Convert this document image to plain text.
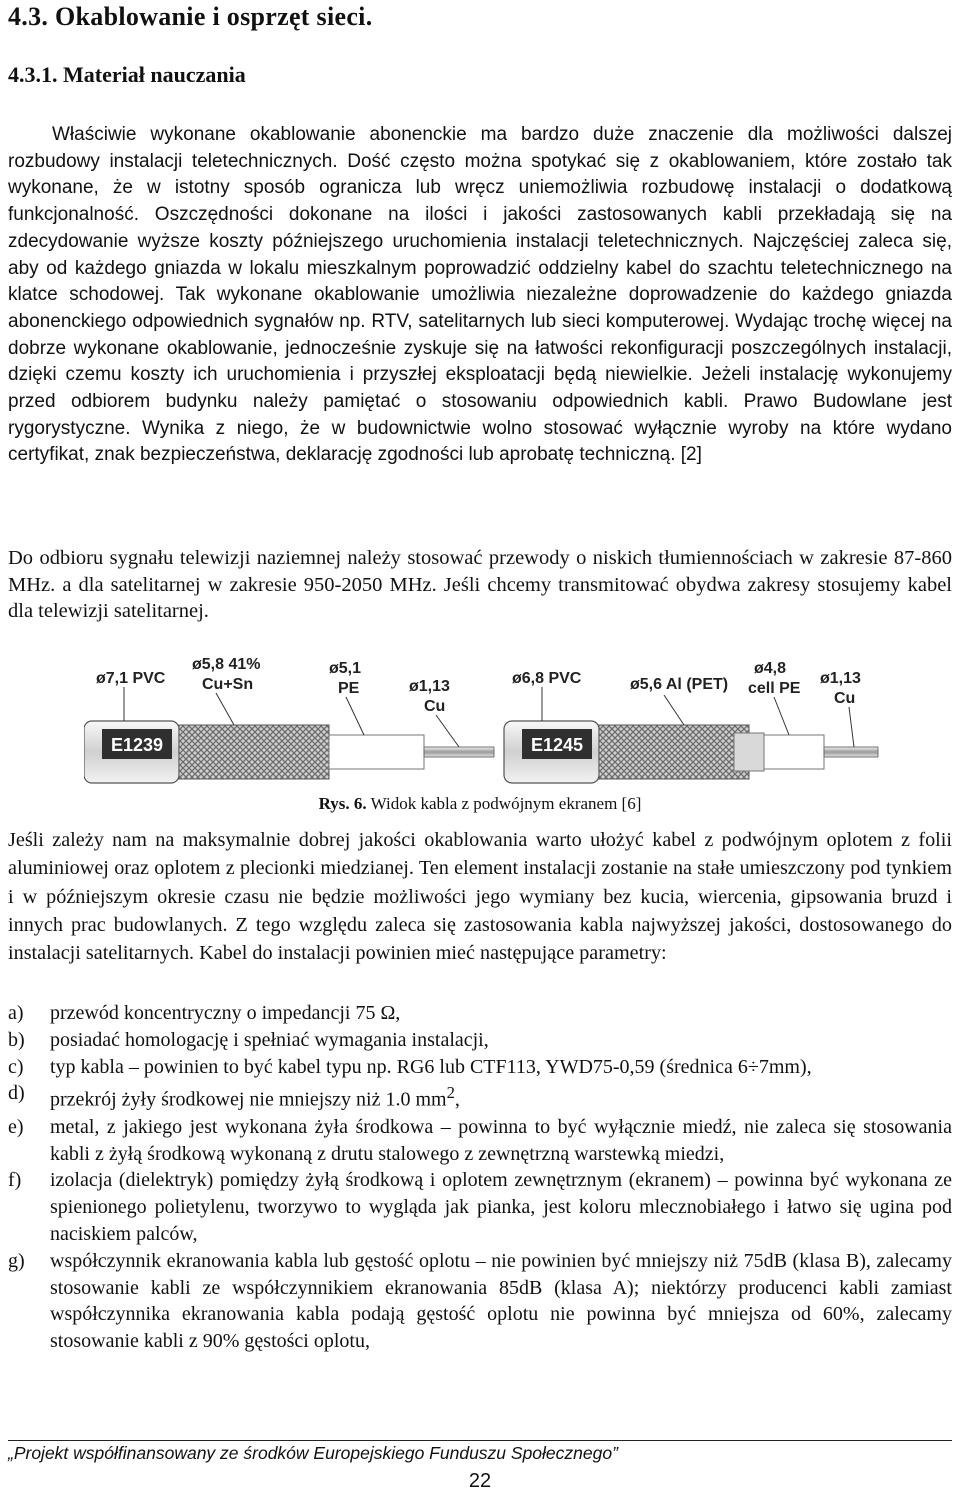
4.3. Okablowanie i osprzęt sieci.
4.3.1. Materiał nauczania

Właściwie wykonane okablowanie abonenckie ma bardzo duże znaczenie dla możliwości dalszej rozbudowy instalacji teletechnicznych. Dość często można spotykać się z okablowaniem, które zostało tak wykonane, że w istotny sposób ogranicza lub wręcz uniemożliwia rozbudowę instalacji o dodatkową funkcjonalność. Oszczędności dokonane na ilości i jakości zastosowanych kabli przekładają się na zdecydowanie wyższe koszty późniejszego uruchomienia instalacji teletechnicznych. Najczęściej zaleca się, aby od każdego gniazda w lokalu mieszkalnym poprowadzić oddzielny kabel do szachtu teletechnicznego na klatce schodowej. Tak wykonane okablowanie umożliwia niezależne doprowadzenie do każdego gniazda abonenckiego odpowiednich sygnałów np. RTV, satelitarnych lub sieci komputerowej. Wydając trochę więcej na dobrze wykonane okablowanie, jednocześnie zyskuje się na łatwości rekonfiguracji poszczególnych instalacji, dzięki czemu koszty ich uruchomienia i przyszłej eksploatacji będą niewielkie. Jeżeli instalację wykonujemy przed odbiorem budynku należy pamiętać o stosowaniu odpowiednich kabli. Prawo Budowlane jest rygorystyczne. Wynika z niego, że w budownictwie wolno stosować wyłącznie wyroby na które wydano certyfikat, znak bezpieczeństwa, deklarację zgodności lub aprobatę techniczną. [2]

Do odbioru sygnału telewizji naziemnej należy stosować przewody o niskich tłumiennościach w zakresie 87-860 MHz. a dla satelitarnej w zakresie 950-2050 MHz. Jeśli chcemy transmitować obydwa zakresy stosujemy kabel dla telewizji satelitarnej.

E1239
ø7,1 PVC
ø5,8 41%
Cu+Sn
ø5,1
PE	ø1,13
Cu
E1245
ø6,8 PVC	ø5,6 Al (PET)
ø4,8
cell PE
ø1,13
Cu
Rys. 6. Widok kabla z podwójnym ekranem [6]

Jeśli zależy nam na maksymalnie dobrej jakości okablowania warto ułożyć kabel z podwójnym oplotem z folii aluminiowej oraz oplotem z plecionki miedzianej. Ten element instalacji zostanie na stałe umieszczony pod tynkiem i w późniejszym okresie czasu nie będzie możliwości jego wymiany bez kucia, wiercenia, gipsowania bruzd i innych prac budowlanych. Z tego względu zaleca się zastosowania kabla najwyższej jakości, dostosowanego do instalacji satelitarnych. Kabel do instalacji powinien mieć następujące parametry:

a) przewód koncentryczny o impedancji 75 Ω,
b) posiadać homologację i spełniać wymagania instalacji,
c) typ kabla – powinien to być kabel typu np. RG6 lub CTF113, YWD75-0,59 (średnica 6÷7mm),
d) przekrój żyły środkowej nie mniejszy niż 1.0 $mm^2$,
e) metal, z jakiego jest wykonana żyła środkowa – powinna to być wyłącznie miedź, nie zaleca się stosowania kabli z żyłą środkową wykonaną z drutu stalowego z zewnętrzną warstewką miedzi,
f) izolacja (dielektryk) pomiędzy żyłą środkową i oplotem zewnętrznym (ekranem) – powinna być wykonana ze spienionego polietylenu, tworzywo to wygląda jak pianka, jest koloru mlecznobiałego i łatwo się ugina pod naciskiem palców,
g) współczynnik ekranowania kabla lub gęstość oplotu – nie powinien być mniejszy niż 75dB (klasa B), zalecamy stosowanie kabli ze współczynnikiem ekranowania 85dB (klasa A); niektórzy producenci kabli zamiast współczynnika ekranowania kabla podają gęstość oplotu nie powinna być mniejsza od 60%, zalecamy stosowanie kabli z 90% gęstości oplotu,
„Projekt współfinansowany ze środków Europejskiego Funduszu Społecznego”
22
